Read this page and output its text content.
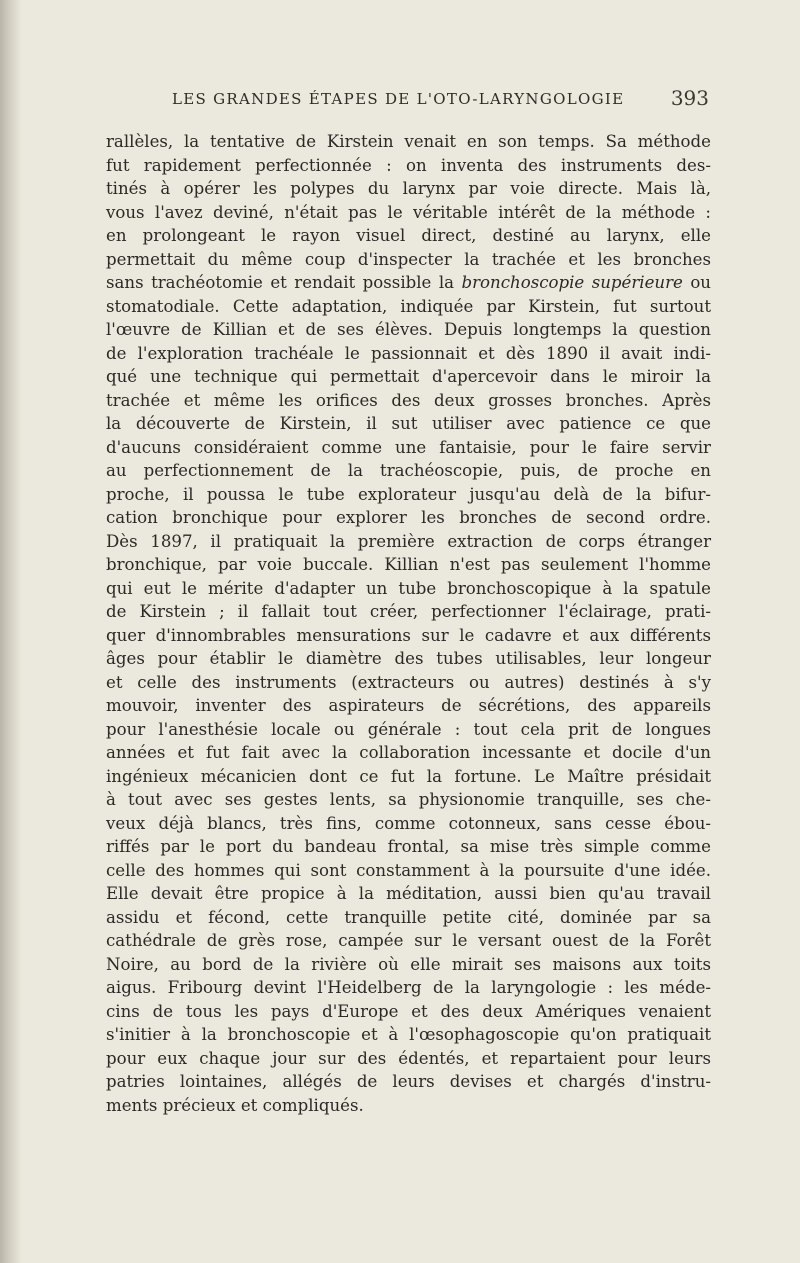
LES GRANDES ÉTAPES DE L'OTO-LARYNGOLOGIE 393
rallèles, la tentative de Kirstein venait en son temps. Sa méthode
fut rapidement perfectionnée : on inventa des instruments des-
tinés à opérer les polypes du larynx par voie directe. Mais là,
vous l'avez deviné, n'était pas le véritable intérêt de la méthode :
en prolongeant le rayon visuel direct, destiné au larynx, elle
permettait du même coup d'inspecter la trachée et les bronches
sans trachéotomie et rendait possible la bronchoscopie supérieure ou
stomatodiale. Cette adaptation, indiquée par Kirstein, fut surtout
l'œuvre de Killian et de ses élèves. Depuis longtemps la question
de l'exploration trachéale le passionnait et dès 1890 il avait indi-
qué une technique qui permettait d'apercevoir dans le miroir la
trachée et même les orifices des deux grosses bronches. Après
la découverte de Kirstein, il sut utiliser avec patience ce que
d'aucuns considéraient comme une fantaisie, pour le faire servir
au perfectionnement de la trachéoscopie, puis, de proche en
proche, il poussa le tube explorateur jusqu'au delà de la bifur-
cation bronchique pour explorer les bronches de second ordre.
Dès 1897, il pratiquait la première extraction de corps étranger
bronchique, par voie buccale. Killian n'est pas seulement l'homme
qui eut le mérite d'adapter un tube bronchoscopique à la spatule
de Kirstein ; il fallait tout créer, perfectionner l'éclairage, prati-
quer d'innombrables mensurations sur le cadavre et aux différents
âges pour établir le diamètre des tubes utilisables, leur longeur
et celle des instruments (extracteurs ou autres) destinés à s'y
mouvoir, inventer des aspirateurs de sécrétions, des appareils
pour l'anesthésie locale ou générale : tout cela prit de longues
années et fut fait avec la collaboration incessante et docile d'un
ingénieux mécanicien dont ce fut la fortune. Le Maître présidait
à tout avec ses gestes lents, sa physionomie tranquille, ses che-
veux déjà blancs, très fins, comme cotonneux, sans cesse ébou-
riffés par le port du bandeau frontal, sa mise très simple comme
celle des hommes qui sont constamment à la poursuite d'une idée.
Elle devait être propice à la méditation, aussi bien qu'au travail
assidu et fécond, cette tranquille petite cité, dominée par sa
cathédrale de grès rose, campée sur le versant ouest de la Forêt
Noire, au bord de la rivière où elle mirait ses maisons aux toits
aigus. Fribourg devint l'Heidelberg de la laryngologie : les méde-
cins de tous les pays d'Europe et des deux Amériques venaient
s'initier à la bronchoscopie et à l'œsophagoscopie qu'on pratiquait
pour eux chaque jour sur des édentés, et repartaient pour leurs
patries lointaines, allégés de leurs devises et chargés d'instru-
ments précieux et compliqués.
